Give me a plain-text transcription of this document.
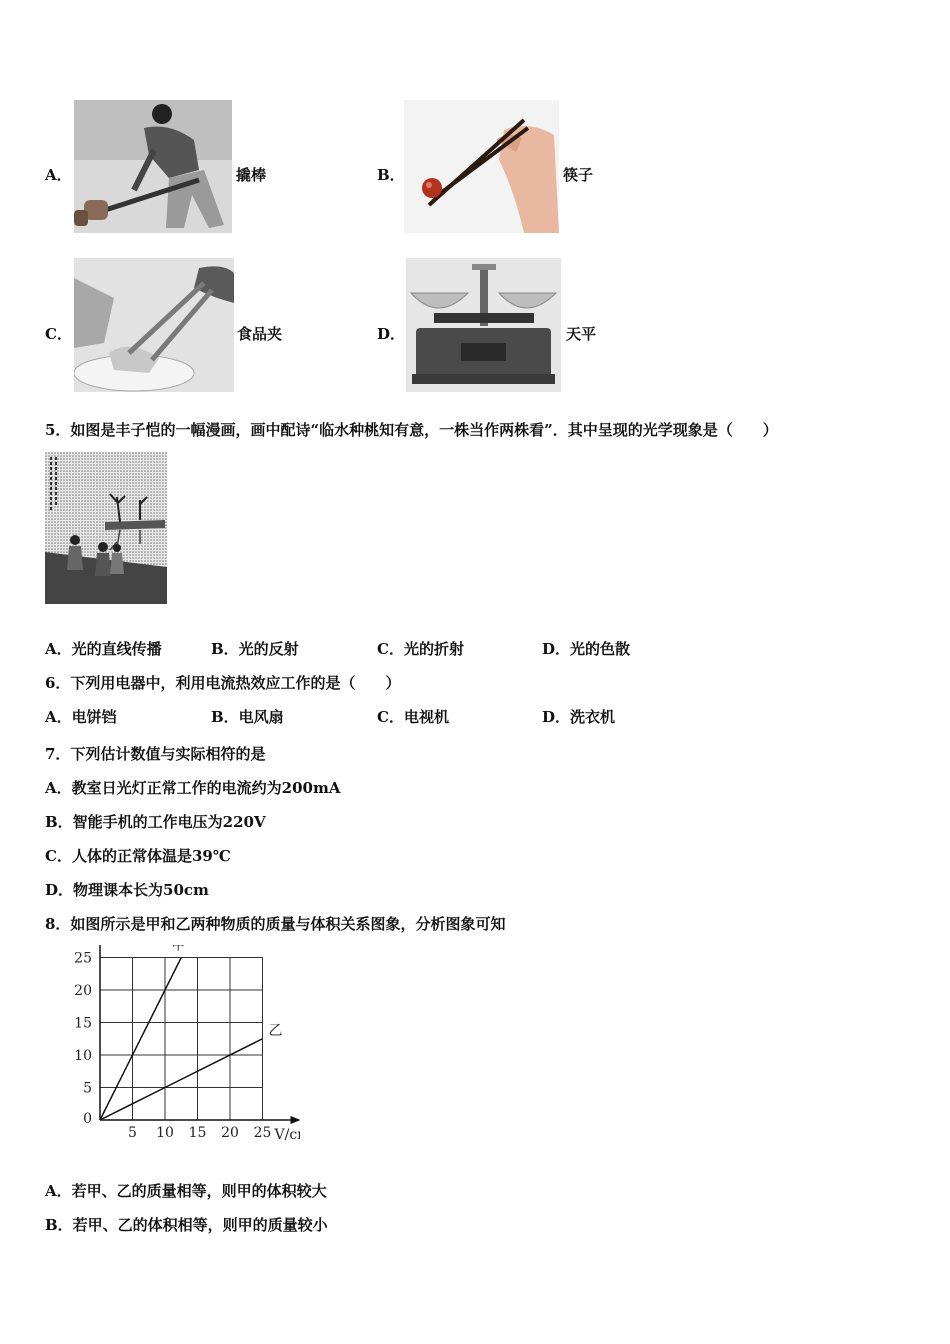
A．	撬棒	B．	筷子
C．	食品夹	D．	天平
5．如图是丰子恺的一幅漫画，画中配诗“临水种桃知有意，一株当作两株看”．其中呈现的光学现象是（　　）
A．光的直线传播	B．光的反射	C．光的折射	D．光的色散
6．下列用电器中，利用电流热效应工作的是（　　）
A．电饼铛	B．电风扇	C．电视机	D．洗衣机
7．下列估计数值与实际相符的是
A．教室日光灯正常工作的电流约为200mA
B．智能手机的工作电压为220V
C．人体的正常体温是39℃
D．物理课本长为50cm
8．如图所示是甲和乙两种物质的质量与体积关系图象，分析图象可知
5 10 15 20 25
5
10
15
20
25
0
V/c
甲
乙
A．若甲、乙的质量相等，则甲的体积较大
B．若甲、乙的体积相等，则甲的质量较小
